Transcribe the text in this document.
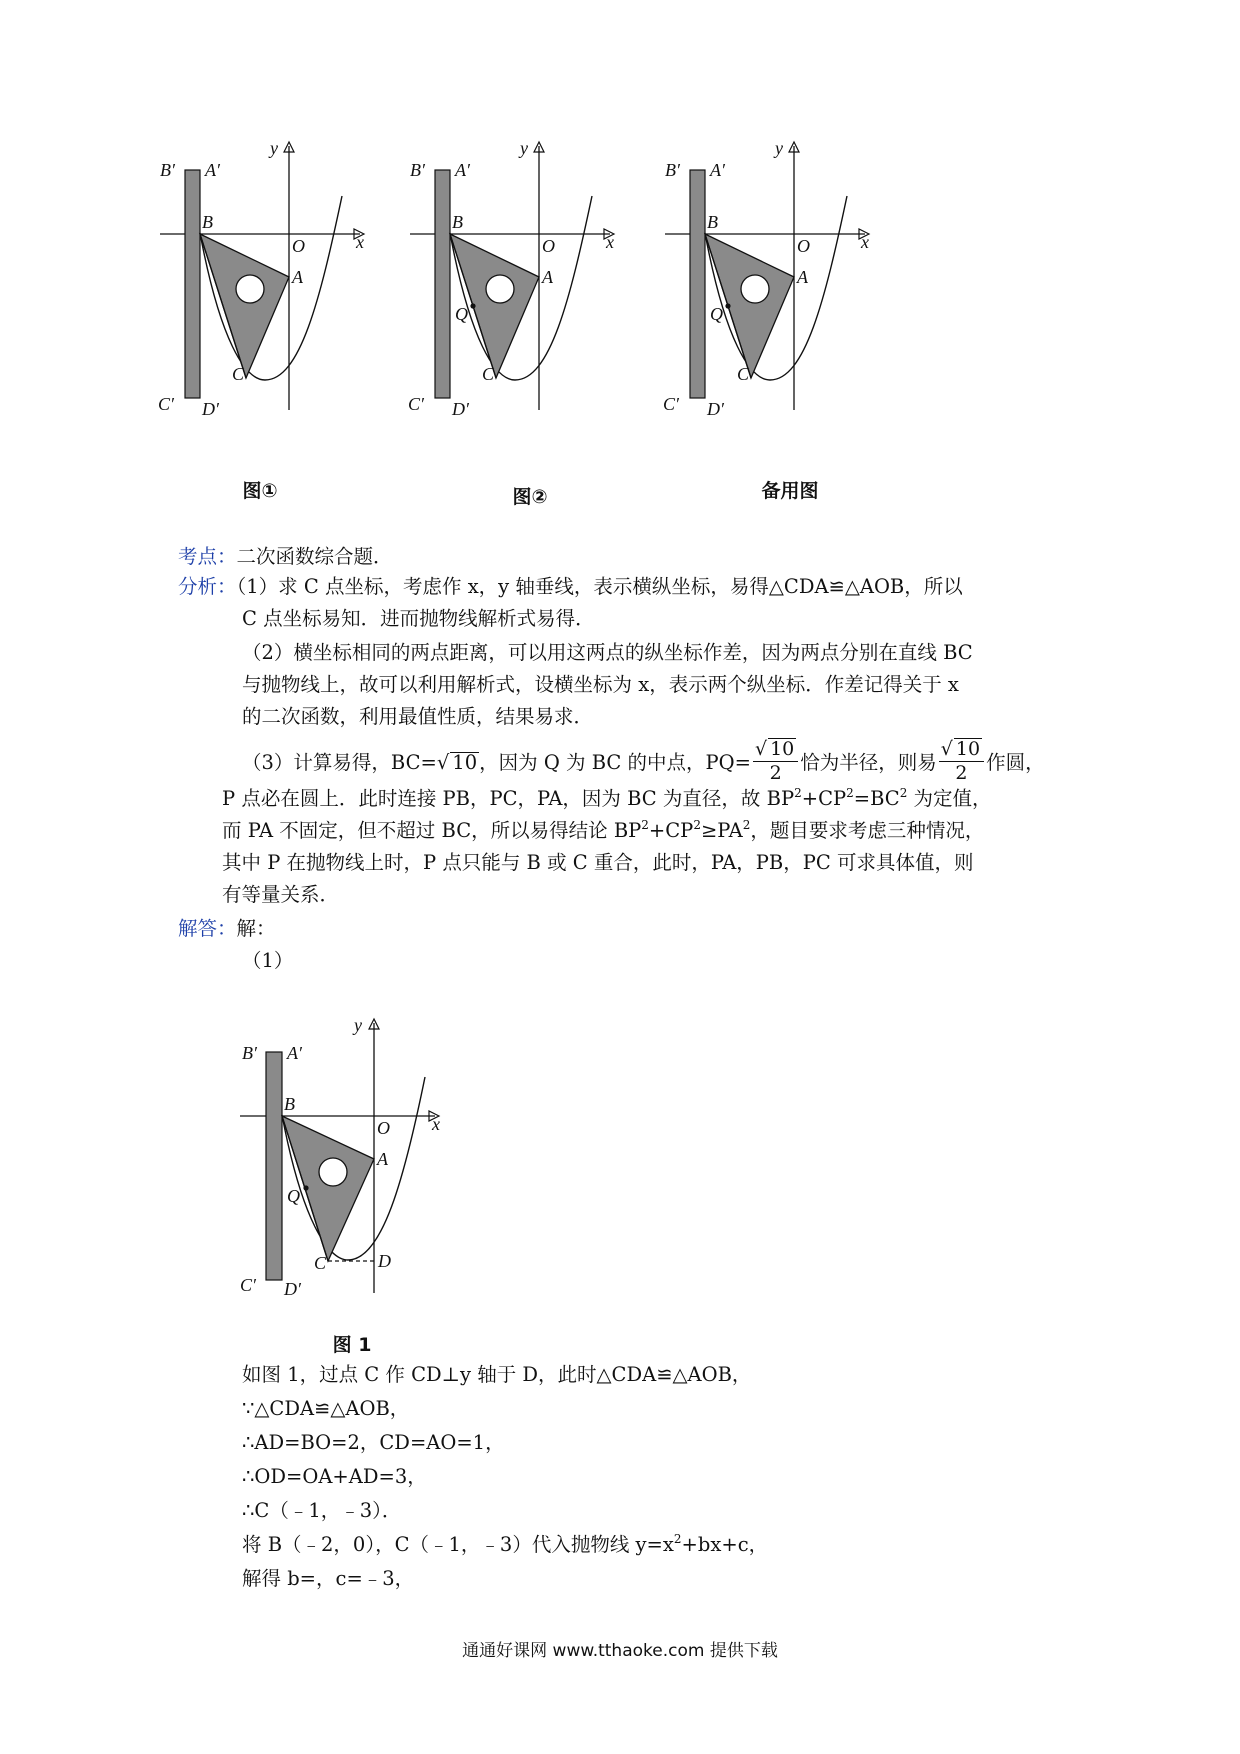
B′ A′
B
O	x
y
A
C
C′ D′
图①
B′ A′
B
O	x
y
A
Q
C
C′ D′
图②
B′ A′
B
O	x
y
A
Q
C
C′ D′
备用图
考点：二次函数综合题．
分析：（1）求 C 点坐标，考虑作 x，y 轴垂线，表示横纵坐标，易得△CDA≌△AOB，所以
C 点坐标易知．进而抛物线解析式易得．
（2）横坐标相同的两点距离，可以用这两点的纵坐标作差，因为两点分别在直线 BC
与抛物线上，故可以利用解析式，设横坐标为 x，表示两个纵坐标．作差记得关于 x
的二次函数，利用最值性质，结果易求．
（3）计算易得，BC=√ 10 ，因为 Q 为 BC 的中点，$PQ= \frac{√ 10}{2}$ 恰为半径，则易 $\frac{√ 10}{2}$ 作圆，
P 点必在圆上．此时连接 PB，PC，PA，因为 BC 为直径，故 $BP^2+CP^2=BC^2$ 为定值，
而 PA 不固定，但不超过 BC，所以易得结论 $BP^2+CP^2\ge PA^2$，题目要求考虑三种情况，
其中 P 在抛物线上时，P 点只能与 B 或 C 重合，此时，PA，PB，PC 可求具体值，则
有等量关系．
解答：解：
（1）
B′ A′
B
O x
y
A
Q
C	D
C′ D′
图 1
如图 1，过点 C 作 CD⊥y 轴于 D，此时△CDA≌△AOB，
∵△CDA≌△AOB，
∴AD=BO=2，CD=AO=1，
∴OD=OA+AD=3，
∴C（﹣1，﹣3）．
将 B（﹣2，0），C（﹣1，﹣3）代入抛物线 $y=x^2+bx+c$，
解得 b=，c=﹣3，
通通好课网 www.tthaoke.com 提供下载
